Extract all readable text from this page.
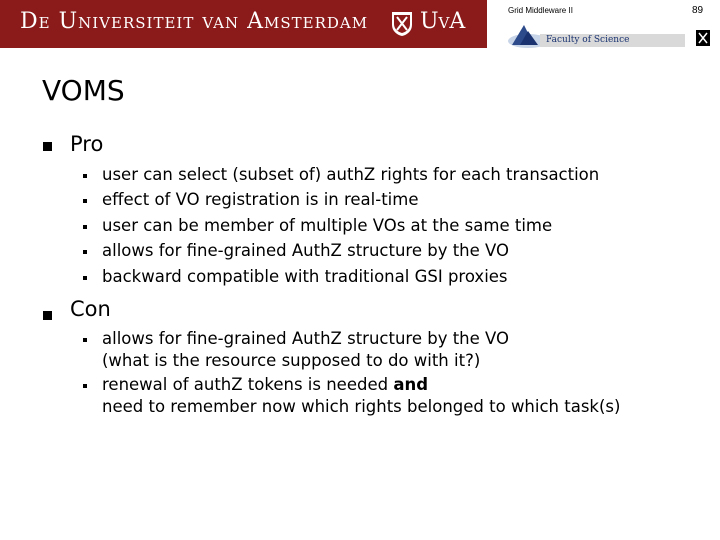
De Universiteit van Amsterdam UvA	Grid Middleware II	89
Faculty of Science
VOMS
Pro
user can select (subset of) authZ rights for each transaction
effect of VO registration is in real-time
user can be member of multiple VOs at the same time
allows for fine-grained AuthZ structure by the VO
backward compatible with traditional GSI proxies
Con
allows for fine-grained AuthZ structure by the VO
(what is the resource supposed to do with it?)
renewal of authZ tokens is needed and
need to remember now which rights belonged to which task(s)
